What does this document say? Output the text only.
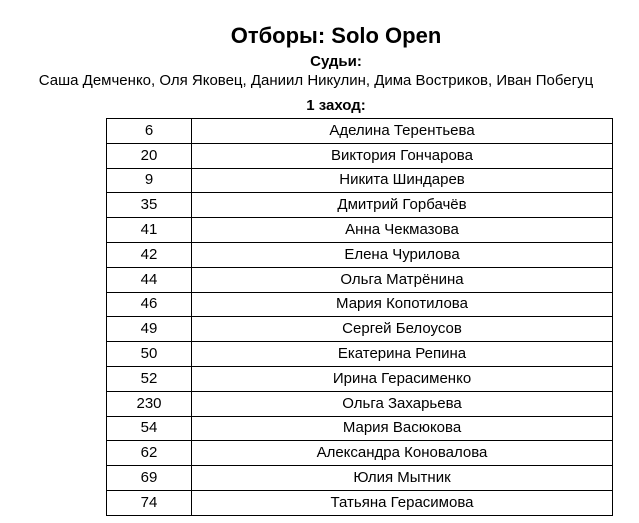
Отборы: Solo Open
Судьи:
Саша Демченко, Оля Яковец, Даниил Никулин, Дима Востриков, Иван Побегуц
1 заход:
6	Аделина Терентьева
20	Виктория Гончарова
9	Никита Шиндарев
35	Дмитрий Горбачёв
41	Анна Чекмазова
42	Елена Чурилова
44	Ольга Матрёнина
46	Мария Копотилова
49	Сергей Белоусов
50	Екатерина Репина
52	Ирина Герасименко
230	Ольга Захарьева
54	Мария Васюкова
62	Александра Коновалова
69	Юлия Мытник
74	Татьяна Герасимова
